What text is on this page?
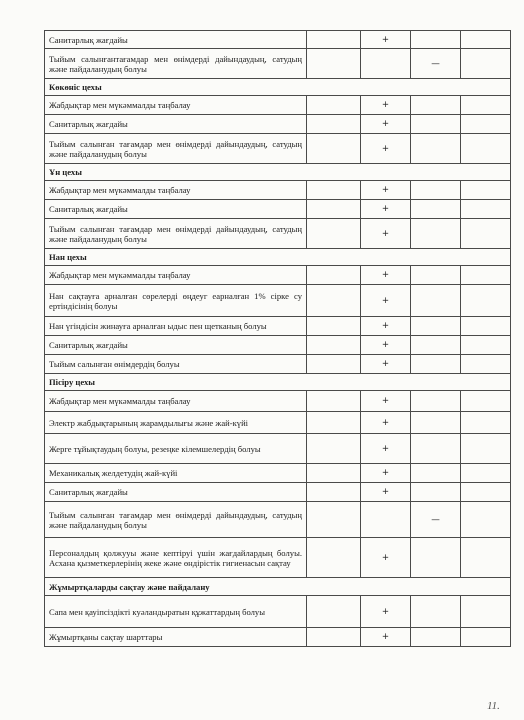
Санитарлық жағдайы		+		
Тыйым салынғантағамдар мен өнімдерді дайындаудың, сатудың және пайдаланудың болуы			—	
Көкөніс цехы				
Жабдықтар мен мүкәммалды таңбалау		+		
Санитарлық жағдайы		+		
Тыйым салынған тағамдар мен өнімдерді дайындаудың, сатудың және пайдаланудың болуы		+		
Ұн цехы				
Жабдықтар мен мүкәммалды таңбалау		+		
Санитарлық жағдайы		+		
Тыйым салынған тағамдар мен өнімдерді дайындаудың, сатудың және пайдаланудың болуы		+		
Нан цехы				
Жабдықтар мен мүкәммалды таңбалау		+		
Нан сақтауға арналған сөрелерді өңдеуг еарналған 1% сірке су ертіндісінің болуы		+		
Нан үгіндісін жинауға арналған ыдыс пен щетканың болуы		+		
Санитарлық жағдайы		+		
Тыйым салынған өнімдердің болуы		+		
Пісіру цехы				
Жабдықтар мен мүкәммалды таңбалау		+		
Электр жабдықтарының жарамдылығы және жай-күйі		+		
Жерге тұйықтаудың болуы, резеңке кілемшелердің болуы		+		
Механикалық желдетудің жай-күйі		+		
Санитарлық жағдайы		+		
Тыйым салынған тағамдар мен өнімдерді дайындаудың, сатудың және пайдаланудың болуы			—	
Персоналдың қолжууы және кептіруі үшін жағдайлардың болуы. Асхана қызметкерлерінің жеке және өндірістік гигиенасын сақтау		+		
Жұмыртқаларды сақтау және пайдалану				
Сапа мен қауіпсіздікті куәландыратын құжаттардың болуы		+		
Жұмыртқаны сақтау шарттары		+		
11.
